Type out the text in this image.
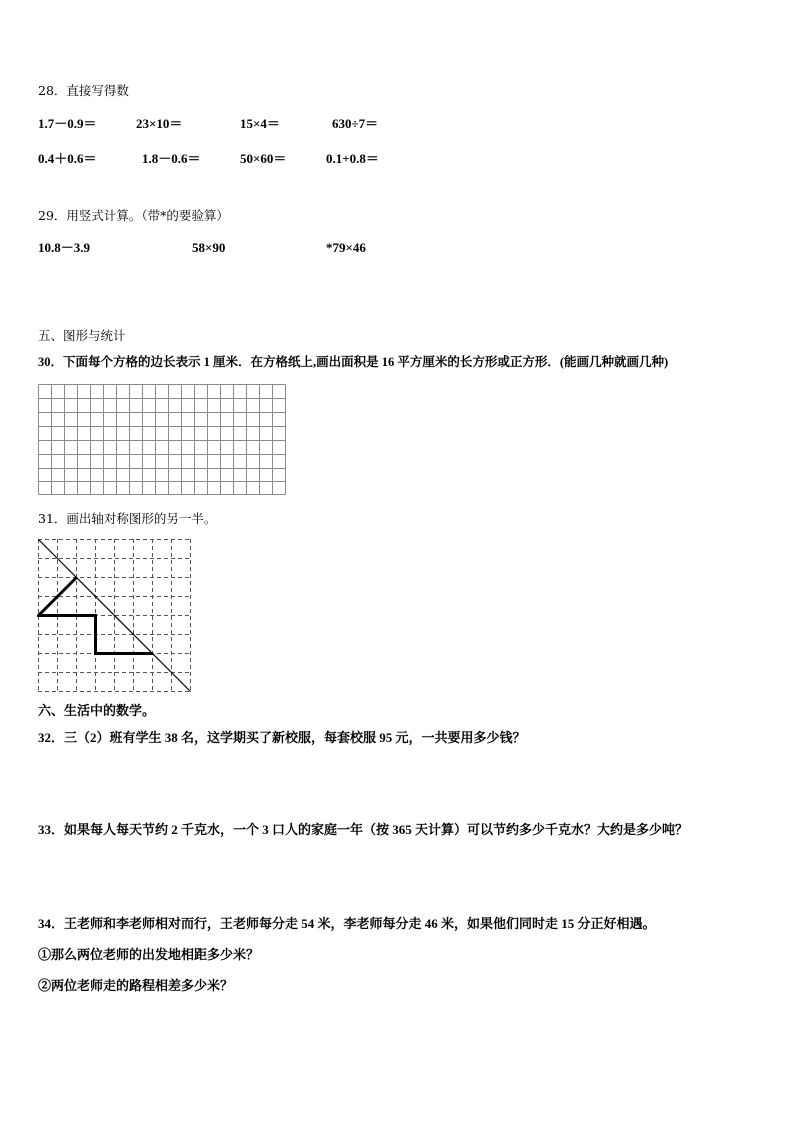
28．直接写得数
1.7－0.9＝	23×10＝	15×4＝	630÷7＝
0.4＋0.6＝	1.8－0.6＝	50×60＝	0.1+0.8＝
29．用竖式计算。（带*的要验算）
10.8－3.9	58×90	*79×46
五、图形与统计
30．下面每个方格的边长表示 1 厘米．在方格纸上,画出面积是 16 平方厘米的长方形或正方形．(能画几种就画几种)
31．画出轴对称图形的另一半。
六、生活中的数学。
32．三（2）班有学生 38 名，这学期买了新校服，每套校服 95 元，一共要用多少钱？
33．如果每人每天节约 2 千克水，一个 3 口人的家庭一年（按 365 天计算）可以节约多少千克水？大约是多少吨？
34．王老师和李老师相对而行，王老师每分走 54 米，李老师每分走 46 米，如果他们同时走 15 分正好相遇。
①那么两位老师的出发地相距多少米？
②两位老师走的路程相差多少米？
